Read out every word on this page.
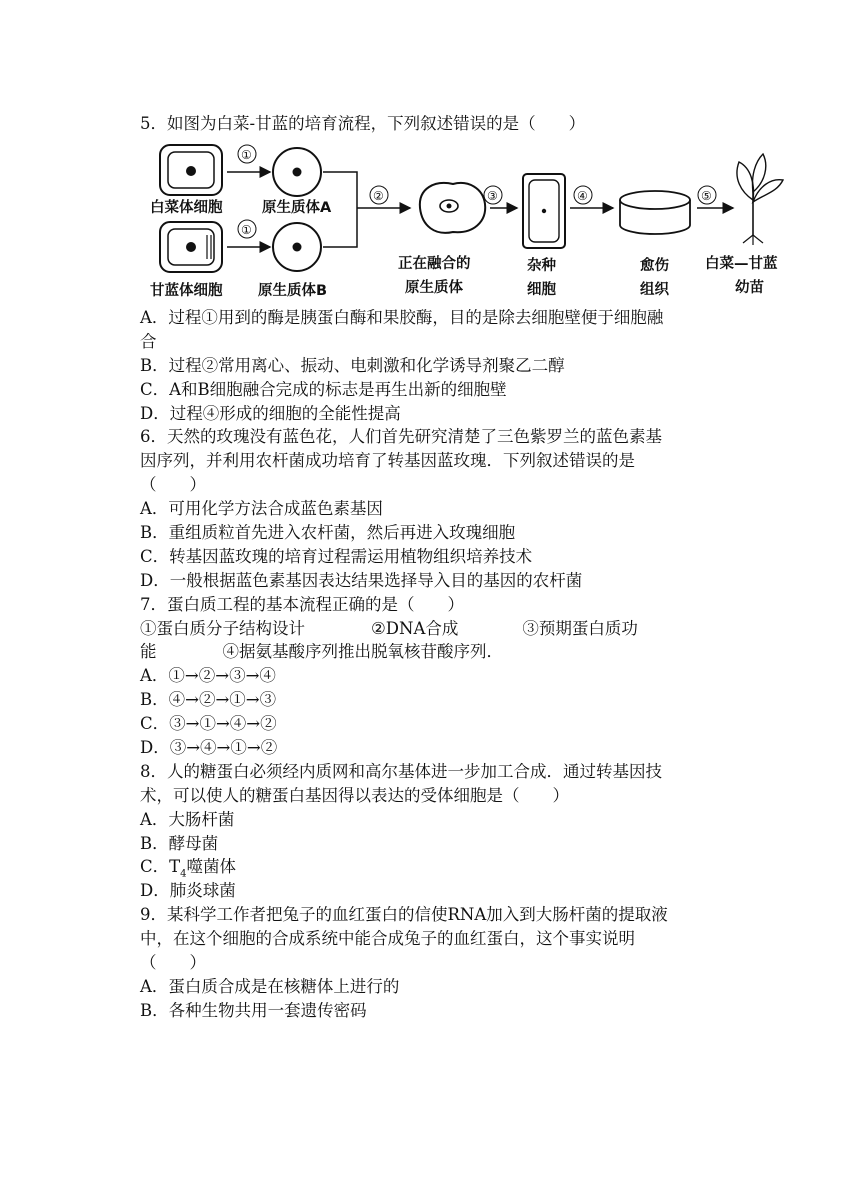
5．如图为白菜-甘蓝的培育流程，下列叙述错误的是（　　）
白菜体细胞
①
原生质体A
甘蓝体细胞
①
原生质体B
②
正在融合的
原生质体
③
杂种
细胞
④
愈伤
组织
⑤
白菜—甘蓝
幼苗
A．过程①用到的酶是胰蛋白酶和果胶酶，目的是除去细胞壁便于细胞融
合
B．过程②常用离心、振动、电刺激和化学诱导剂聚乙二醇
C．A和B细胞融合完成的标志是再生出新的细胞壁
D．过程④形成的细胞的全能性提高
6．天然的玫瑰没有蓝色花，人们首先研究清楚了三色紫罗兰的蓝色素基
因序列，并利用农杆菌成功培育了转基因蓝玫瑰．下列叙述错误的是
（　　）
A．可用化学方法合成蓝色素基因
B．重组质粒首先进入农杆菌，然后再进入玫瑰细胞
C．转基因蓝玫瑰的培育过程需运用植物组织培养技术
D．一般根据蓝色素基因表达结果选择导入目的基因的农杆菌
7．蛋白质工程的基本流程正确的是（　　）
①蛋白质分子结构设计	②DNA合成	③预期蛋白质功
能	④据氨基酸序列推出脱氧核苷酸序列．
A．①→②→③→④
B．④→②→①→③
C．③→①→④→②
D．③→④→①→②
8．人的糖蛋白必须经内质网和高尔基体进一步加工合成．通过转基因技
术，可以使人的糖蛋白基因得以表达的受体细胞是（　　）
A．大肠杆菌
B．酵母菌
C．$T_4$噬菌体
D．肺炎球菌
9．某科学工作者把兔子的血红蛋白的信使RNA加入到大肠杆菌的提取液
中，在这个细胞的合成系统中能合成兔子的血红蛋白，这个事实说明
（　　）
A．蛋白质合成是在核糖体上进行的
B．各种生物共用一套遗传密码
